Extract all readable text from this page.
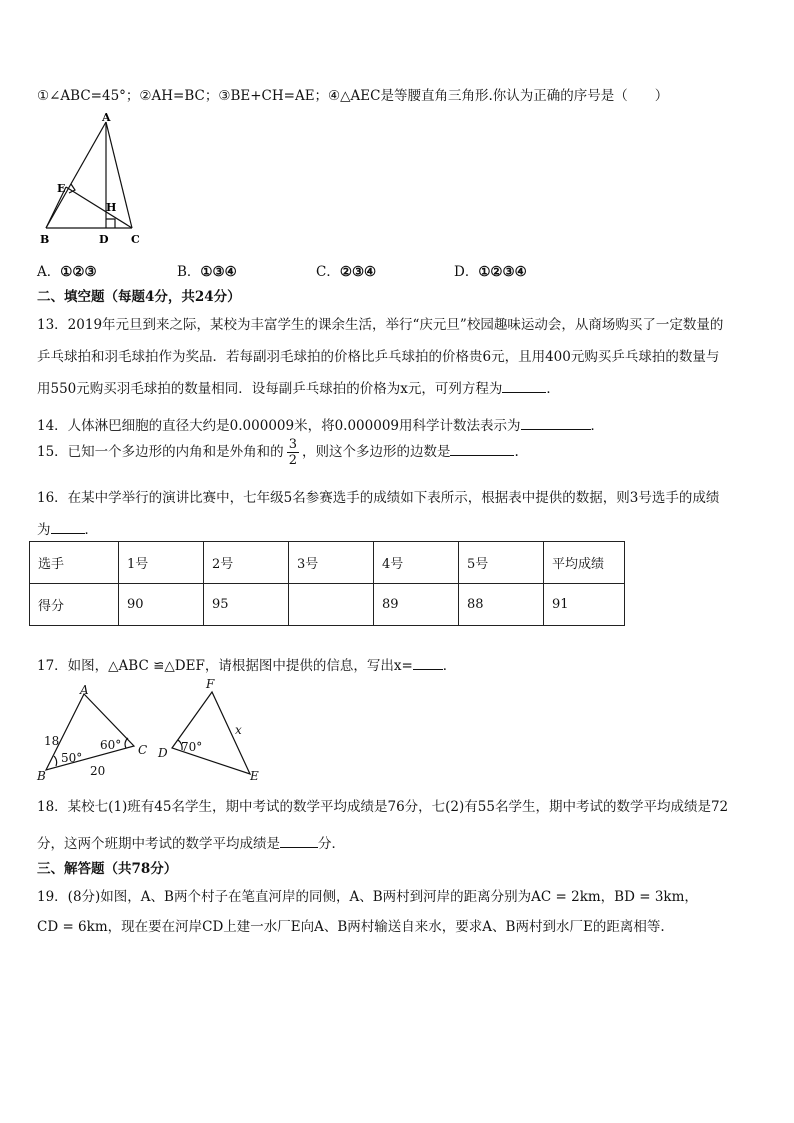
①∠ABC=45°；②AH=BC；③BE+CH=AE；④△AEC是等腰直角三角形.你认为正确的序号是（　　）
A
E
H
B	D C
A．①②③	B．①③④	C．②③④	D．①②③④
二、填空题（每题4分，共24分）
13．2019年元旦到来之际，某校为丰富学生的课余生活，举行“庆元旦”校园趣味运动会，从商场购买了一定数量的
乒乓球拍和羽毛球拍作为奖品．若每副羽毛球拍的价格比乒乓球拍的价格贵6元，且用400元购买乒乓球拍的数量与
用550元购买羽毛球拍的数量相同．设每副乒乓球拍的价格为x元，可列方程为	．
14．人体淋巴细胞的直径大约是0.000009米，将0.000009用科学计数法表示为	．
15．已知一个多边形的内角和是外角和的 $\frac{3}{2}$ ，则这个多边形的边数是	.
16．在某中学举行的演讲比赛中，七年级5名参赛选手的成绩如下表所示，根据表中提供的数据，则3号选手的成绩
为	．
选手	1号	2号	3号	4号	5号	平均成绩
得分	90	95		89	88	91
17．如图，△ABC ≌△DEF，请根据图中提供的信息，写出x= ．
A
B
C
18
20
50°
60°
F
D
E
70°
x
18．某校七(1)班有45名学生，期中考试的数学平均成绩是76分，七(2)有55名学生，期中考试的数学平均成绩是72
分，这两个班期中考试的数学平均成绩是	分．
三、解答题（共78分）
19．(8分)如图，A、B两个村子在笔直河岸的同侧，A、B两村到河岸的距离分别为AC = 2km，BD = 3km，
CD = 6km，现在要在河岸CD上建一水厂E向A、B两村输送自来水，要求A、B两村到水厂E的距离相等.
